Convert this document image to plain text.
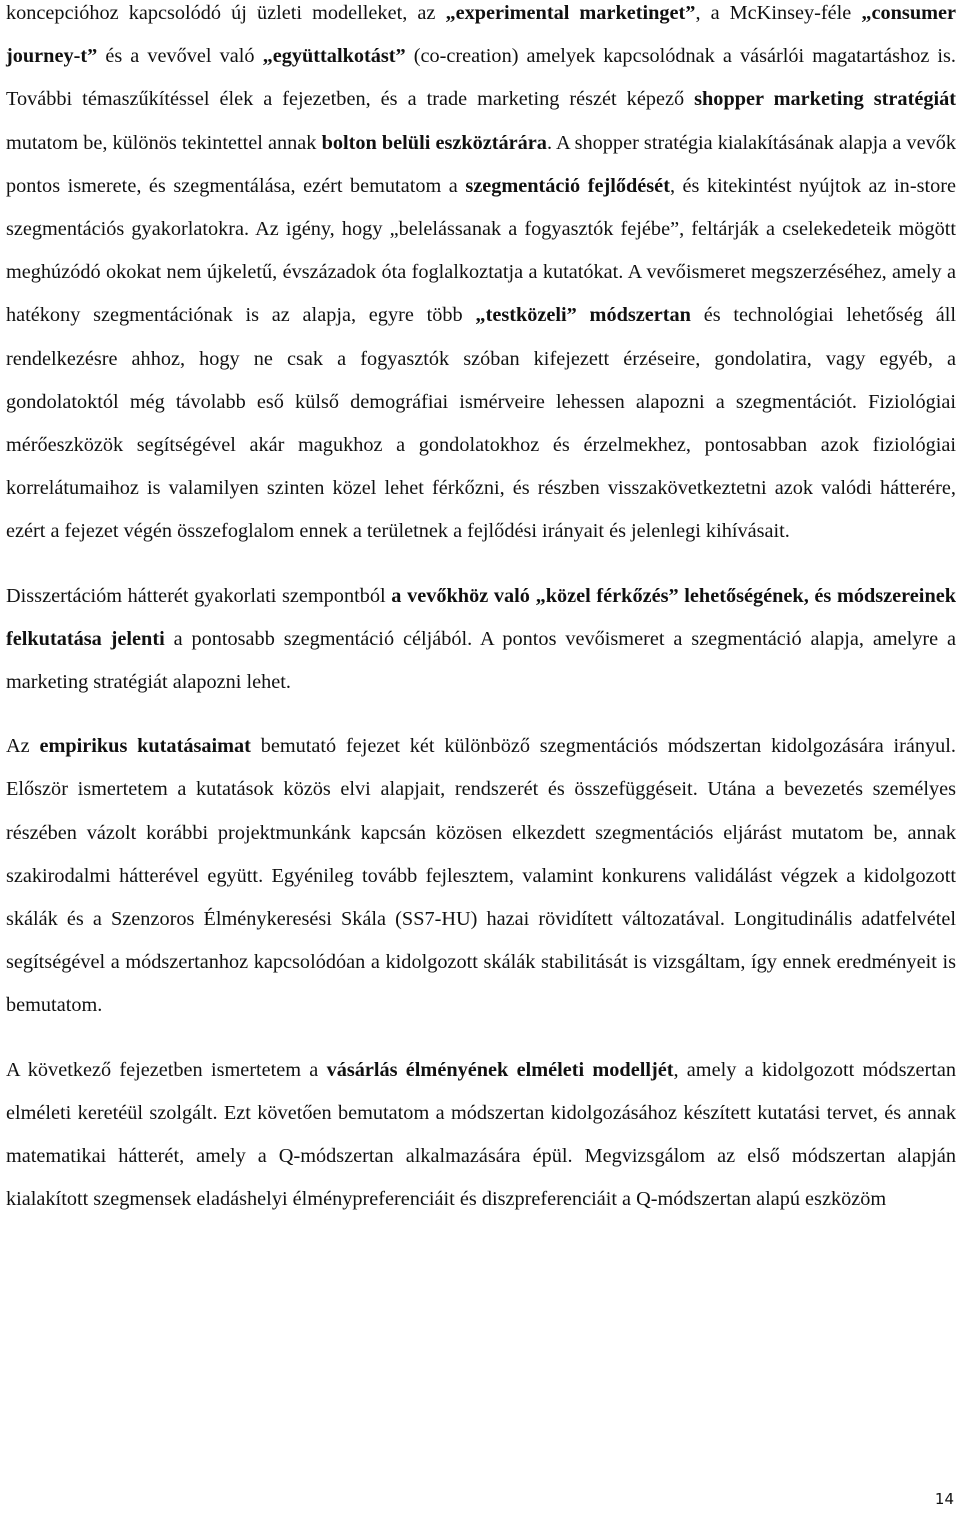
koncepcióhoz kapcsolódó új üzleti modelleket, az „experimental marketinget”, a McKinsey-féle „consumer journey-t” és a vevővel való „együttalkotást” (co-creation) amelyek kapcsolódnak a vásárlói magatartáshoz is. További témaszűkítéssel élek a fejezetben, és a trade marketing részét képező shopper marketing stratégiát mutatom be, különös tekintettel annak bolton belüli eszköztárára. A shopper stratégia kialakításának alapja a vevők pontos ismerete, és szegmentálása, ezért bemutatom a szegmentáció fejlődését, és kitekintést nyújtok az in-store szegmentációs gyakorlatokra. Az igény, hogy „belelássanak a fogyasztók fejébe”, feltárják a cselekedeteik mögött meghúzódó okokat nem újkeletű, évszázadok óta foglalkoztatja a kutatókat. A vevőismeret megszerzéséhez, amely a hatékony szegmentációnak is az alapja, egyre több „testközeli” módszertan és technológiai lehetőség áll rendelkezésre ahhoz, hogy ne csak a fogyasztók szóban kifejezett érzéseire, gondolatira, vagy egyéb, a gondolatoktól még távolabb eső külső demográfiai ismérveire lehessen alapozni a szegmentációt. Fiziológiai mérőeszközök segítségével akár magukhoz a gondolatokhoz és érzelmekhez, pontosabban azok fiziológiai korrelátumaihoz is valamilyen szinten közel lehet férkőzni, és részben visszakövetkeztetni azok valódi hátterére, ezért a fejezet végén összefoglalom ennek a területnek a fejlődési irányait és jelenlegi kihívásait.

Disszertációm hátterét gyakorlati szempontból a vevőkhöz való „közel férkőzés” lehetőségének, és módszereinek felkutatása jelenti a pontosabb szegmentáció céljából. A pontos vevőismeret a szegmentáció alapja, amelyre a marketing stratégiát alapozni lehet.

Az empirikus kutatásaimat bemutató fejezet két különböző szegmentációs módszertan kidolgozására irányul. Először ismertetem a kutatások közös elvi alapjait, rendszerét és összefüggéseit. Utána a bevezetés személyes részében vázolt korábbi projektmunkánk kapcsán közösen elkezdett szegmentációs eljárást mutatom be, annak szakirodalmi hátterével együtt. Egyénileg tovább fejlesztem, valamint konkurens validálást végzek a kidolgozott skálák és a Szenzoros Élménykeresési Skála (SS7-HU) hazai rövidített változatával. Longitudinális adatfelvétel segítségével a módszertanhoz kapcsolódóan a kidolgozott skálák stabilitását is vizsgáltam, így ennek eredményeit is bemutatom.

A következő fejezetben ismertetem a vásárlás élményének elméleti modelljét, amely a kidolgozott módszertan elméleti keretéül szolgált. Ezt követően bemutatom a módszertan kidolgozásához készített kutatási tervet, és annak matematikai hátterét, amely a Q-módszertan alkalmazására épül. Megvizsgálom az első módszertan alapján kialakított szegmensek eladáshelyi élménypreferenciáit és diszpreferenciáit a Q-módszertan alapú eszközöm

14
